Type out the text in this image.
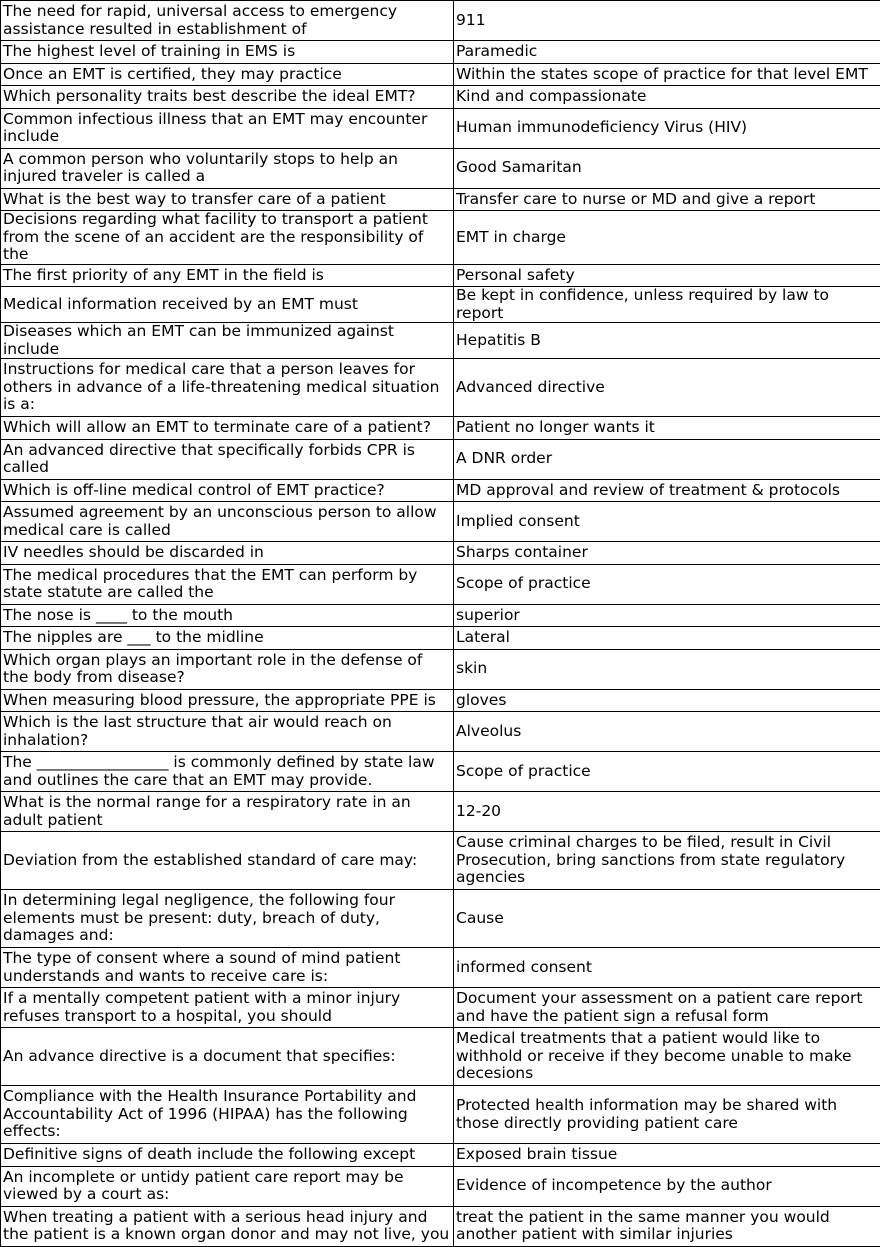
The need for rapid, universal access to emergency assistance resulted in establishment of	911
The highest level of training in EMS is	Paramedic
Once an EMT is certified, they may practice	Within the states scope of practice for that level EMT
Which personality traits best describe the ideal EMT?	Kind and compassionate
Common infectious illness that an EMT may encounter include	Human immunodeficiency Virus (HIV)
A common person who voluntarily stops to help an injured traveler is called a	Good Samaritan
What is the best way to transfer care of a patient	Transfer care to nurse or MD and give a report
Decisions regarding what facility to transport a patient from the scene of an accident are the responsibility of the	EMT in charge
The first priority of any EMT in the field is	Personal safety
Medical information received by an EMT must	Be kept in confidence, unless required by law to report
Diseases which an EMT can be immunized against include	Hepatitis B
Instructions for medical care that a person leaves for others in advance of a life-threatening medical situation is a:	Advanced directive
Which will allow an EMT to terminate care of a patient?	Patient no longer wants it
An advanced directive that specifically forbids CPR is called	A DNR order
Which is off-line medical control of EMT practice?	MD approval and review of treatment & protocols
Assumed agreement by an unconscious person to allow medical care is called	Implied consent
IV needles should be discarded in	Sharps container
The medical procedures that the EMT can perform by state statute are called the	Scope of practice
The nose is ____ to the mouth	superior
The nipples are ___ to the midline	Lateral
Which organ plays an important role in the defense of the body from disease?	skin
When measuring blood pressure, the appropriate PPE is	gloves
Which is the last structure that air would reach on inhalation?	Alveolus
The _________________ is commonly defined by state law and outlines the care that an EMT may provide.	Scope of practice
What is the normal range for a respiratory rate in an adult patient	12-20
Deviation from the established standard of care may:	Cause criminal charges to be filed, result in Civil Prosecution, bring sanctions from state regulatory agencies
In determining legal negligence, the following four elements must be present: duty, breach of duty, damages and:	Cause
The type of consent where a sound of mind patient understands and wants to receive care is:	informed consent
If a mentally competent patient with a minor injury refuses transport to a hospital, you should	Document your assessment on a patient care report and have the patient sign a refusal form
An advance directive is a document that specifies:	Medical treatments that a patient would like to withhold or receive if they become unable to make decesions
Compliance with the Health Insurance Portability and Accountability Act of 1996 (HIPAA) has the following effects:	Protected health information may be shared with those directly providing patient care
Definitive signs of death include the following except	Exposed brain tissue
An incomplete or untidy patient care report may be viewed by a court as:	Evidence of incompetence by the author
When treating a patient with a serious head injury and the patient is a known organ donor and may not live, you	treat the patient in the same manner you would another patient with similar injuries
